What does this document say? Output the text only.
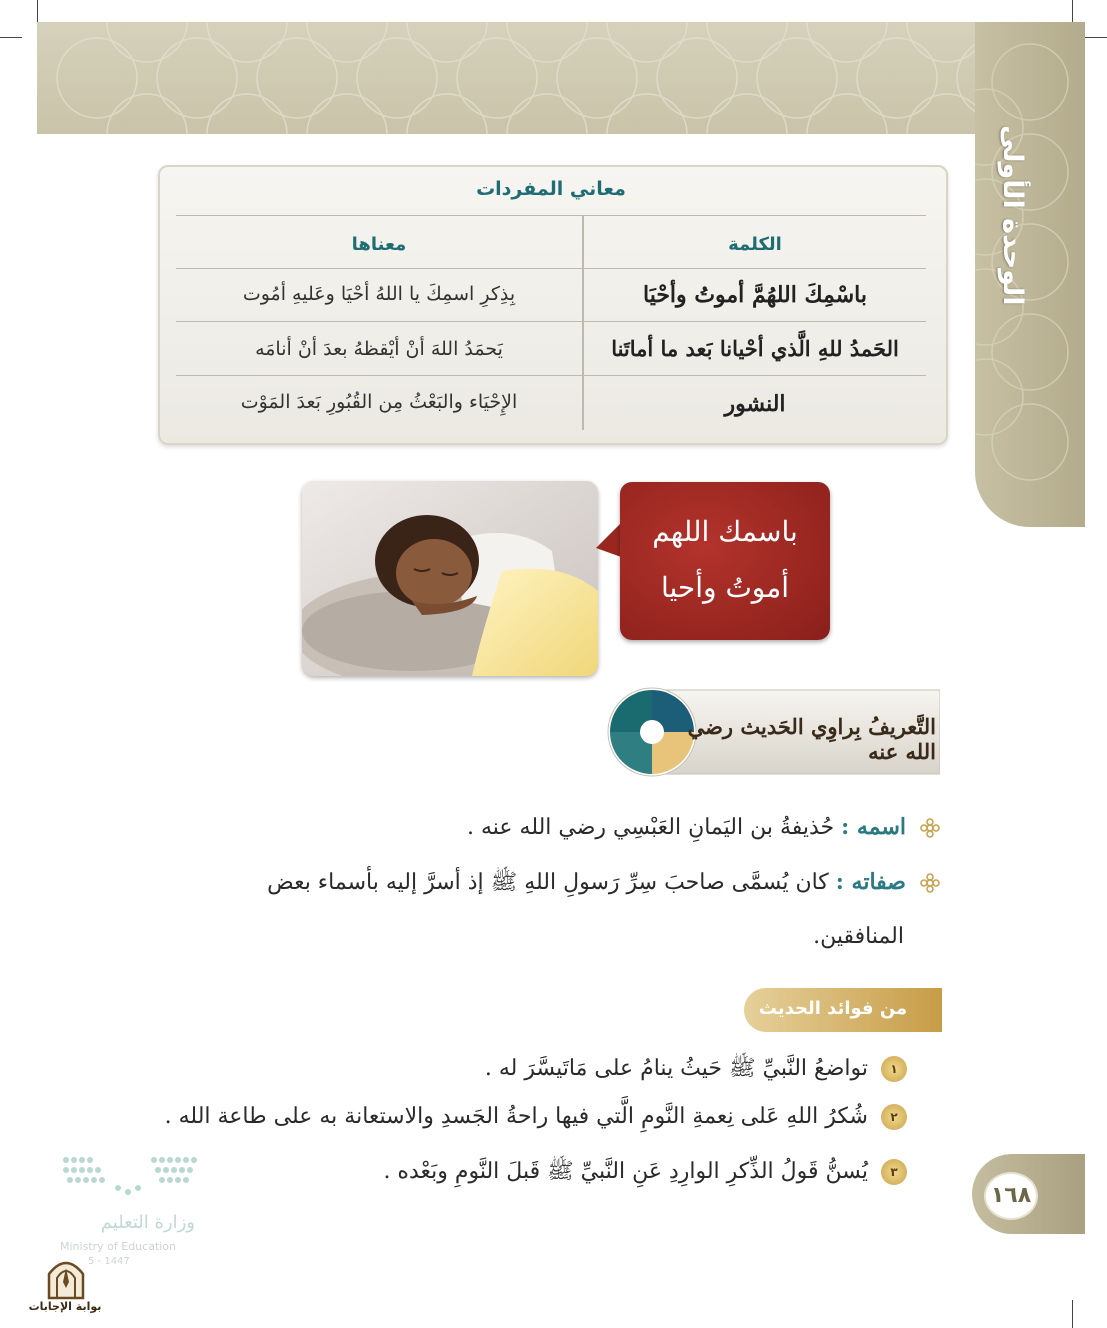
الوحدة الأولى
معاني المفردات
الكلمة
معناها
باسْمِكَ اللهُمَّ أموتُ وأحْيَا
بِذِكرِ اسمِكَ يا اللهُ أحْيَا وعَليهِ أمُوت
الحَمدُ للهِ الَّذي أحْيانا بَعد ما أماتَنا
يَحمَدُ اللهَ أنْ أيْقظهُ بعدَ أنْ أنامَه
النشور
الإِحْيَاء والبَعْثُ مِن القُبُورِ بَعدَ المَوْت
باسمك اللهم
أموتُ وأحيا
التَّعريفُ بِراوِي الحَديث رضي الله عنه
اسمه : حُذيفةُ بن اليَمانِ العَبْسِي رضي الله عنه .
صفاته : كان يُسمَّى صاحبَ سِرِّ رَسولِ اللهِ ﷺ إذ أسرَّ إليه بأسماء بعض
المنافقين.
من فوائد الحديث
١ تواضعُ النَّبيِّ ﷺ حَيثُ ينامُ على مَاتَيسَّرَ له .
٢ شُكرُ اللهِ عَلى نِعمةِ النَّومِ الَّتي فيها راحةُ الجَسدِ والاستعانة به على طاعة الله .
٣ يُسنُّ قَولُ الذِّكرِ الوارِدِ عَنِ النَّبيِّ ﷺ قَبلَ النَّومِ وبَعْده .
١٦٨
وزارة التعليم
Ministry of Education
5 - 1447
بوابة الإجابات
